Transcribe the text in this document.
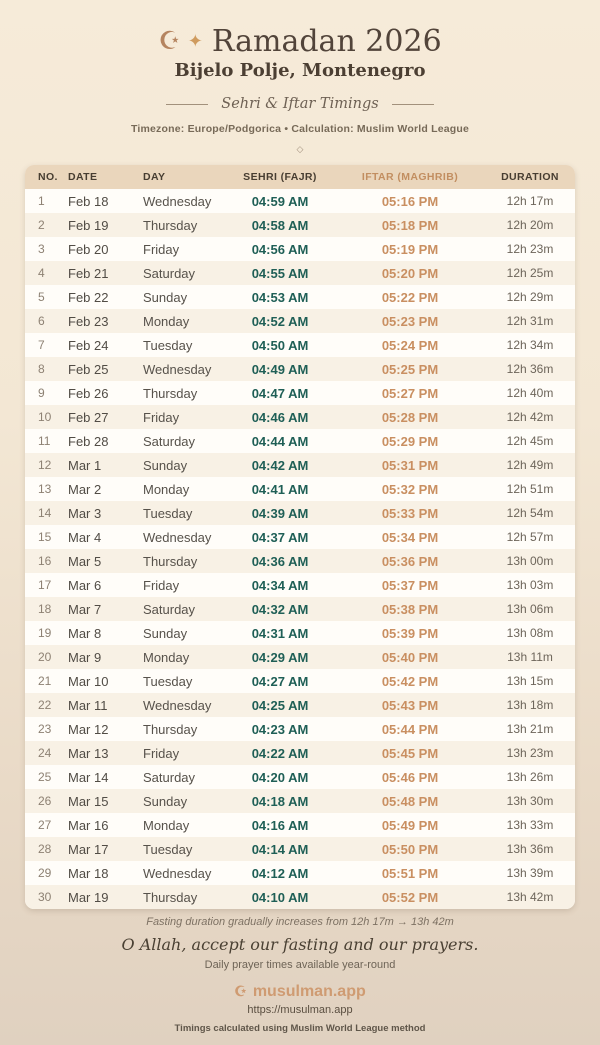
☪ ✦ Ramadan 2026
Bijelo Polje, Montenegro
Sehri & Iftar Timings
Timezone: Europe/Podgorica • Calculation: Muslim World League
◇
NO.	DATE	DAY	SEHRI (FAJR)	IFTAR (MAGHRIB)	DURATION
1	Feb 18	Wednesday	04:59 AM	05:16 PM	12h 17m
2	Feb 19	Thursday	04:58 AM	05:18 PM	12h 20m
3	Feb 20	Friday	04:56 AM	05:19 PM	12h 23m
4	Feb 21	Saturday	04:55 AM	05:20 PM	12h 25m
5	Feb 22	Sunday	04:53 AM	05:22 PM	12h 29m
6	Feb 23	Monday	04:52 AM	05:23 PM	12h 31m
7	Feb 24	Tuesday	04:50 AM	05:24 PM	12h 34m
8	Feb 25	Wednesday	04:49 AM	05:25 PM	12h 36m
9	Feb 26	Thursday	04:47 AM	05:27 PM	12h 40m
10	Feb 27	Friday	04:46 AM	05:28 PM	12h 42m
11	Feb 28	Saturday	04:44 AM	05:29 PM	12h 45m
12	Mar 1	Sunday	04:42 AM	05:31 PM	12h 49m
13	Mar 2	Monday	04:41 AM	05:32 PM	12h 51m
14	Mar 3	Tuesday	04:39 AM	05:33 PM	12h 54m
15	Mar 4	Wednesday	04:37 AM	05:34 PM	12h 57m
16	Mar 5	Thursday	04:36 AM	05:36 PM	13h 00m
17	Mar 6	Friday	04:34 AM	05:37 PM	13h 03m
18	Mar 7	Saturday	04:32 AM	05:38 PM	13h 06m
19	Mar 8	Sunday	04:31 AM	05:39 PM	13h 08m
20	Mar 9	Monday	04:29 AM	05:40 PM	13h 11m
21	Mar 10	Tuesday	04:27 AM	05:42 PM	13h 15m
22	Mar 11	Wednesday	04:25 AM	05:43 PM	13h 18m
23	Mar 12	Thursday	04:23 AM	05:44 PM	13h 21m
24	Mar 13	Friday	04:22 AM	05:45 PM	13h 23m
25	Mar 14	Saturday	04:20 AM	05:46 PM	13h 26m
26	Mar 15	Sunday	04:18 AM	05:48 PM	13h 30m
27	Mar 16	Monday	04:16 AM	05:49 PM	13h 33m
28	Mar 17	Tuesday	04:14 AM	05:50 PM	13h 36m
29	Mar 18	Wednesday	04:12 AM	05:51 PM	13h 39m
30	Mar 19	Thursday	04:10 AM	05:52 PM	13h 42m
Fasting duration gradually increases from 12h 17m → 13h 42m
O Allah, accept our fasting and our prayers.
Daily prayer times available year-round
☪ musulman.app
https://musulman.app
Timings calculated using Muslim World League method
